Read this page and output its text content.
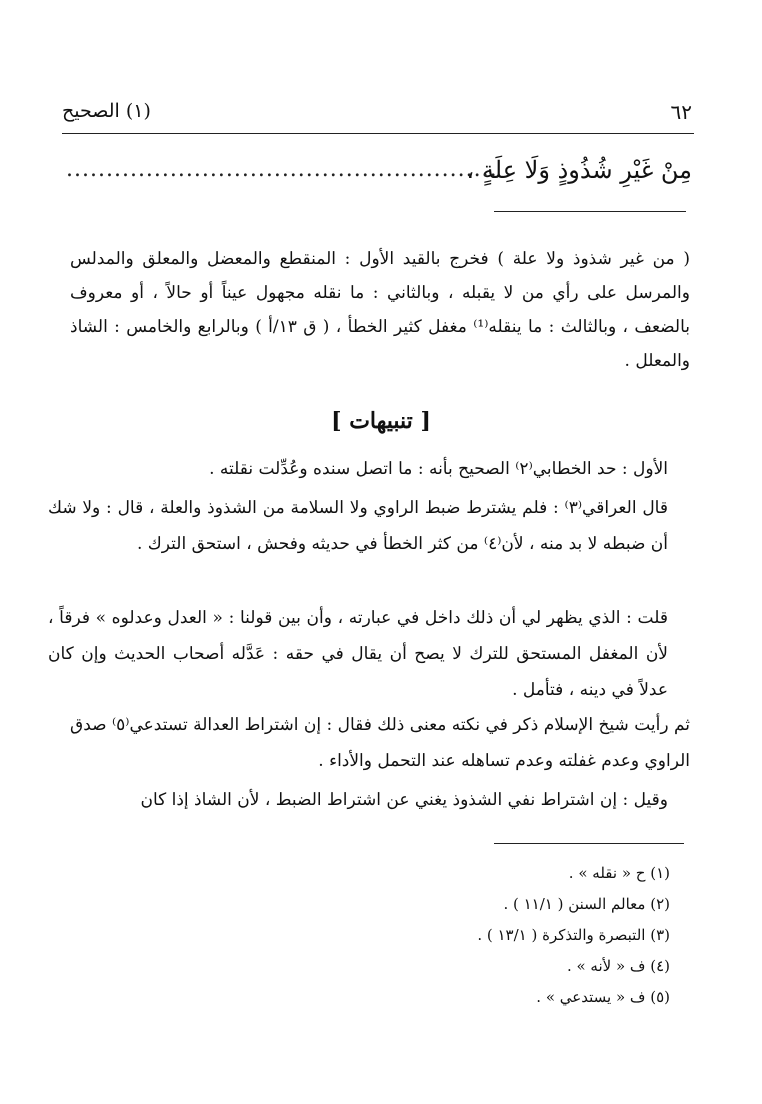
٦٢
(١) الصحيح
مِنْ غَيْرِ شُذُوذٍ وَلَا عِلَةٍ ،
......................................................
( من غير شذوذ ولا علة ) فخرج بالقيد الأول : المنقطع والمعضل والمعلق والمدلس والمرسل على رأي من لا يقبله ، وبالثاني : ما نقله مجهول عيناً أو حالاً ، أو معروف بالضعف ، وبالثالث : ما ينقله⁽¹⁾ مغفل كثير الخطأ ، ( ق ١٣/أ ) وبالرابع والخامس : الشاذ والمعلل .
[ تنبيهات ]
الأول : حد الخطابي⁽٢⁾ الصحيح بأنه : ما اتصل سنده وعُدِّلت نقلته .
قال العراقي⁽٣⁾ : فلم يشترط ضبط الراوي ولا السلامة من الشذوذ والعلة ، قال : ولا شك أن ضبطه لا بد منه ، لأن⁽٤⁾ من كثر الخطأ في حديثه وفحش ، استحق الترك .
قلت : الذي يظهر لي أن ذلك داخل في عبارته ، وأن بين قولنا : « العدل وعدلوه » فرقاً ، لأن المغفل المستحق للترك لا يصح أن يقال في حقه : عَدَّله أصحاب الحديث وإن كان عدلاً في دينه ، فتأمل .
ثم رأيت شيخ الإسلام ذكر في نكته معنى ذلك فقال : إن اشتراط العدالة تستدعي⁽٥⁾ صدق الراوي وعدم غفلته وعدم تساهله عند التحمل والأداء .
وقيل : إن اشتراط نفي الشذوذ يغني عن اشتراط الضبط ، لأن الشاذ إذا كان
(١) ح « نقله » .
(٢) معالم السنن ( ١١/١ ) .
(٣) التبصرة والتذكرة ( ١٣/١ ) .
(٤) ف « لأنه » .
(٥) ف « يستدعي » .
